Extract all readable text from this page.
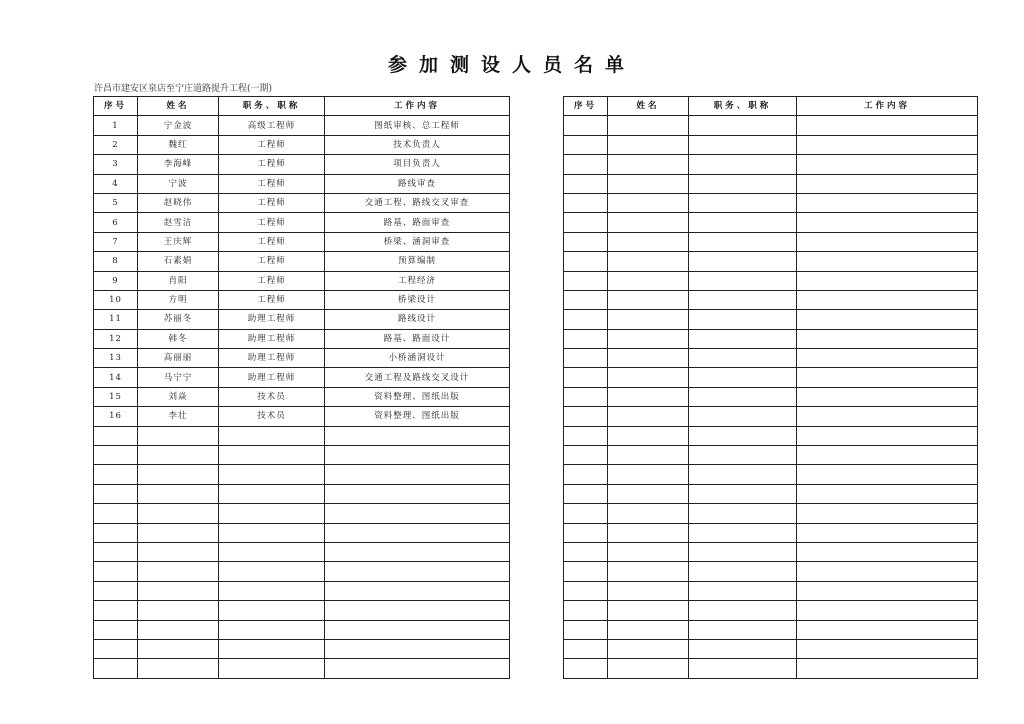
参加测设人员名单
许昌市建安区泉店至宁庄道路提升工程(一期)
序号	姓名	职务、职称	工作内容
1	宁金波	高级工程师	图纸审核、总工程师
2	魏红	工程师	技术负责人
3	李海峰	工程师	项目负责人
4	宁波	工程师	路线审查
5	赵晓伟	工程师	交通工程、路线交叉审查
6	赵雪洁	工程师	路基、路面审查
7	王庆辉	工程师	桥梁、涵洞审查
8	石素娟	工程师	预算编制
9	肖阳	工程师	工程经济
10	方明	工程师	桥梁设计
11	苏丽冬	助理工程师	路线设计
12	韩冬	助理工程师	路基、路面设计
13	高丽丽	助理工程师	小桥涵洞设计
14	马宁宁	助理工程师	交通工程及路线交叉设计
15	刘焱	技术员	资料整理、图纸出版
16	李壮	技术员	资料整理、图纸出版

序号	姓名	职务、职称	工作内容
